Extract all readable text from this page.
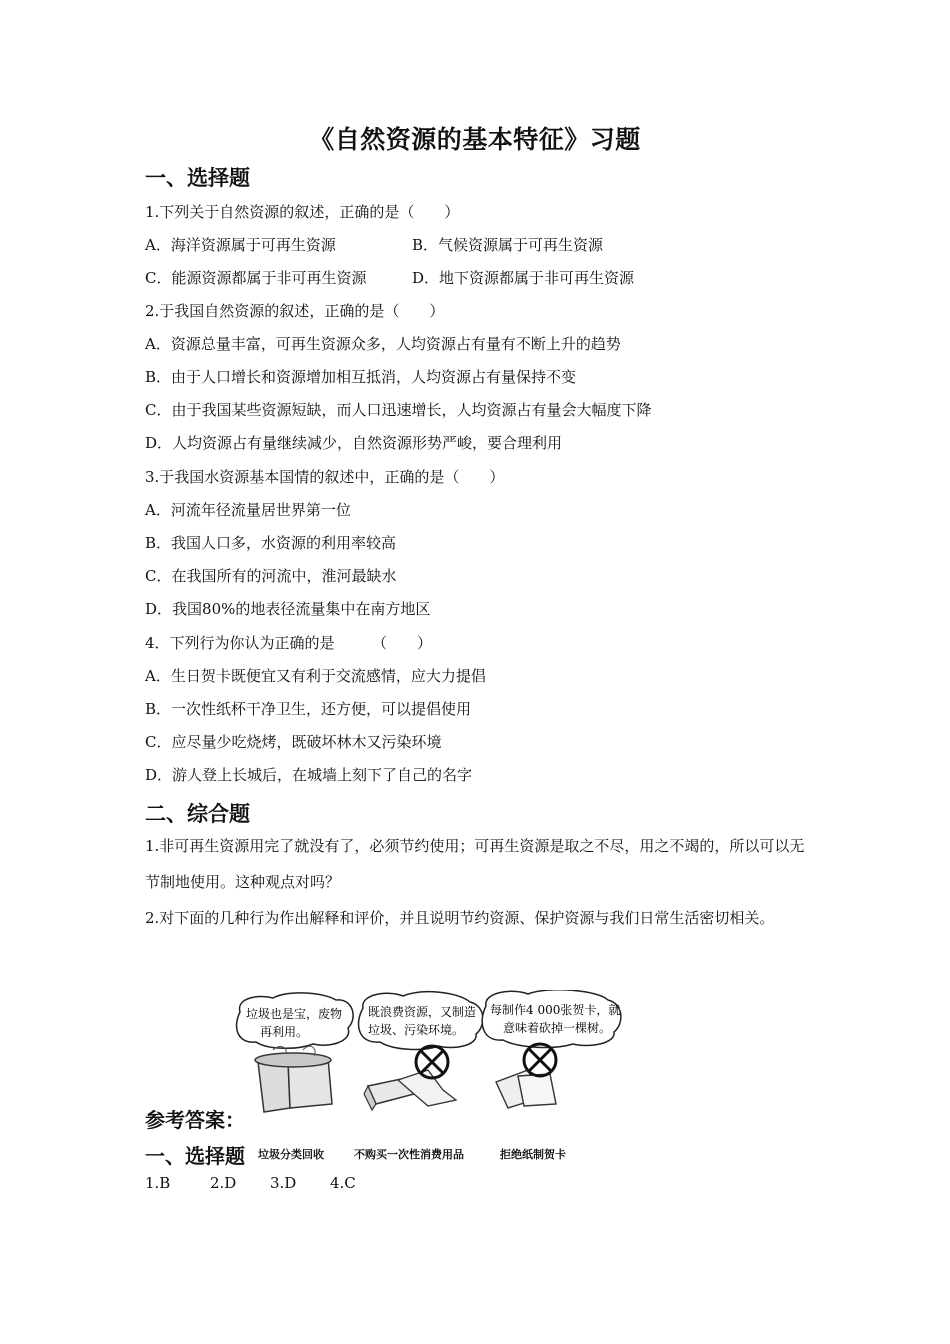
《自然资源的基本特征》习题
一、选择题
1.下列关于自然资源的叙述，正确的是（　　）
A．海洋资源属于可再生资源	B．气候资源属于可再生资源
C．能源资源都属于非可再生资源	D．地下资源都属于非可再生资源
2.于我国自然资源的叙述，正确的是（　　）
A．资源总量丰富，可再生资源众多，人均资源占有量有不断上升的趋势
B．由于人口增长和资源增加相互抵消，人均资源占有量保持不变
C．由于我国某些资源短缺，而人口迅速增长，人均资源占有量会大幅度下降
D．人均资源占有量继续减少，自然资源形势严峻，要合理利用
3.于我国水资源基本国情的叙述中，正确的是（　　）
A．河流年径流量居世界第一位
B．我国人口多，水资源的利用率较高
C．在我国所有的河流中，淮河最缺水
D．我国80%的地表径流量集中在南方地区
4．下列行为你认为正确的是　　　（　　）
A．生日贺卡既便宜又有利于交流感情，应大力提倡
B．一次性纸杯干净卫生，还方便，可以提倡使用
C．应尽量少吃烧烤，既破坏林木又污染环境
D．游人登上长城后，在城墙上刻下了自己的名字
二、综合题
1.非可再生资源用完了就没有了，必须节约使用；可再生资源是取之不尽，用之不竭的，所以可以无节制地使用。这种观点对吗？
2.对下面的几种行为作出解释和评价，并且说明节约资源、保护资源与我们日常生活密切相关。
垃圾也是宝，废物
再利用。
既浪费资源，又制造
垃圾、污染环境。
每制作4 000张贺卡，就
意味着砍掉一棵树。
参考答案：
一、选择题 垃圾分类回收	不购买一次性消费用品	拒绝纸制贺卡
1.B	2.D 3.D 4.C
